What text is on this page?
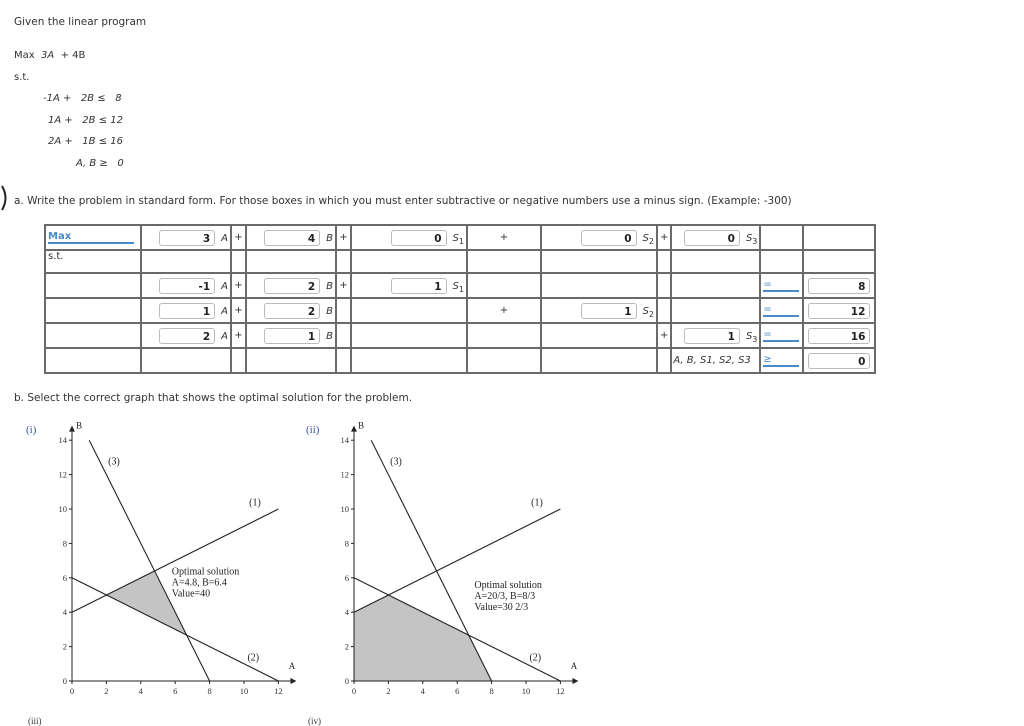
Given the linear program
Max  3A  + 4B
s.t.
-1A +   2B ≤   8
1A +   2B ≤ 12
2A +   1B ≤ 16
A, B ≥   0
a. Write the problem in standard form. For those boxes in which you must enter subtractive or negative numbers use a minus sign. (Example: -300)
Max	3 A	+	4 B	+	0 $S_1$	+	0 $S_2$	+	0 $S_3$		
s.t.											
	-1 A	+	2 B	+	1 $S_1$					=	8
	1 A	+	2 B			+	1 $S_2$			=	12
	2 A	+	1 B					+	1 $S_3$	=	16
									A, B, S1, S2, S3	≥	0
b. Select the correct graph that shows the optimal solution for the problem.
(i)
A
B
0	2	4	6	8	10	12
0
2
4
6
8
10
12
14
(1)
(2)
(3)
Optimal solution
A=4.8, B=6.4
Value=40
(ii)
A
B
0	2	4	6	8	10	12
0
2
4
6
8
10
12
14
(1)
(2)
(3)
Optimal solution
A=20/3, B=8/3
Value=30 2/3
(iii)	(iv)
